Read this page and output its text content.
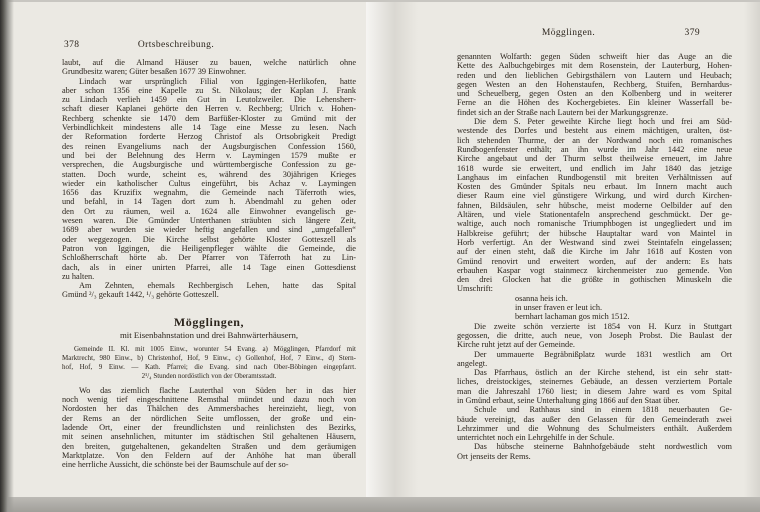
378	Ortsbeschreibung.
laubt, auf die Almand Häuser zu bauen, welche natürlich ohne
Grundbesitz waren; Güter besaßen 1677 39 Einwohner.
Lindach war ursprünglich Filial von Iggingen-Herlikofen, hatte
aber schon 1356 eine Kapelle zu St. Nikolaus; der Kaplan J. Frank
zu Lindach verlieh 1459 ein Gut in Leutolzweiler. Die Lehensherr-
schaft dieser Kaplanei gehörte den Herren v. Rechberg; Ulrich v. Hohen-
Rechberg schenkte sie 1470 dem Barfüßer-Kloster zu Gmünd mit der
Verbindlichkeit mindestens alle 14 Tage eine Messe zu lesen. Nach
der Reformation forderte Herzog Christof als Ortsobrigkeit Predigt
des reinen Evangeliums nach der Augsburgischen Confession 1560,
und bei der Belehnung des Herrn v. Laymingen 1579 mußte er
versprechen, die Augsburgische und württembergische Confession zu ge-
statten. Doch wurde, scheint es, während des 30jährigen Krieges
wieder ein katholischer Cultus eingeführt, bis Achaz v. Laymingen
1656 das Kruzifix wegnahm, die Gemeinde nach Täferroth wies,
und befahl, in 14 Tagen dort zum h. Abendmahl zu gehen oder
den Ort zu räumen, weil a. 1624 alle Einwohner evangelisch ge-
wesen waren. Die Gmünder Unterthanen sträubten sich längere Zeit,
1689 aber wurden sie wieder heftig angefallen und sind „umgefallen“
oder weggezogen. Die Kirche selbst gehörte Kloster Gotteszell als
Patron von Iggingen, die Heiligenpfleger wählte die Gemeinde, die
Schloßherrschaft hörte ab. Der Pfarrer von Täferroth hat zu Lin-
dach, als in einer unirten Pfarrei, alle 14 Tage einen Gottesdienst
zu halten.
Am Zehnten, ehemals Rechbergisch Lehen, hatte das Spital
Gmünd ²/₃ gekauft 1442, ¹/₃ gehörte Gotteszell.
Mögglingen,
mit Eisenbahnstation und drei Bahnwärterhäusern,
Gemeinde II. Kl. mit 1005 Einw., worunter 54 Evang. a) Mögglingen, Pfarrdorf mit
Marktrecht, 980 Einw., b) Christenhof, Hof, 9 Einw., c) Gollenhof, Hof, 7 Einw., d) Stern-
hof, Hof, 9 Einw. — Kath. Pfarrei; die Evang. sind nach Ober-Böbingen eingepfarrt.
2¹/₄ Stunden nordöstlich von der Oberamtsstadt.
Wo das ziemlich flache Lauterthal von Süden her in das hier
noch wenig tief eingeschnittene Remsthal mündet und dazu noch von
Nordosten her das Thälchen des Ammersbaches hereinzieht, liegt, von
der Rems an der nördlichen Seite umflossen, der große und ein-
ladende Ort, einer der freundlichsten und reinlichsten des Bezirks,
mit seinen ansehnlichen, mitunter im städtischen Stil gehaltenen Häusern,
den breiten, gutgehaltenen, gekandelten Straßen und dem geräumigen
Marktplatze. Von den Feldern auf der Anhöhe hat man überall
eine herrliche Aussicht, die schönste bei der Baumschule auf der so-
379
Mögglingen.
genannten Wolfarth: gegen Süden schweift hier das Auge an die
Kette des Aalbuchgebirges mit dem Rosenstein, der Lauterburg, Hohen-
reden und den lieblichen Gebirgsthälern von Lautern und Heubach;
gegen Westen an den Hohenstaufen, Rechberg, Stuifen, Bernhardus-
und Scheuelberg, gegen Osten an den Kolbenberg und in weiterer
Ferne an die Höhen des Kochergebietes. Ein kleiner Wasserfall be-
findet sich an der Straße nach Lautern bei der Markungsgrenze.
Die dem S. Peter geweihte Kirche liegt hoch und frei am Süd-
westende des Dorfes und besteht aus einem mächtigen, uralten, öst-
lich stehenden Thurme, der an der Nordwand noch ein romanisches
Rundbogenfenster enthält; an ihn wurde im Jahr 1442 eine neue
Kirche angebaut und der Thurm selbst theilweise erneuert, im Jahre
1618 wurde sie erweitert, und endlich im Jahr 1840 das jetzige
Langhaus im einfachen Rundbogenstil mit breiten Verhältnissen auf
Kosten des Gmünder Spitals neu erbaut. Im Innern macht auch
dieser Raum eine viel günstigere Wirkung, und wird durch Kirchen-
fahnen, Bildsäulen, sehr hübsche, meist moderne Oelbilder auf den
Altären, und viele Stationentafeln ansprechend geschmückt. Der ge-
waltige, auch noch romanische Triumphbogen ist ungegliedert und im
Halbkreise geführt; der hübsche Hauptaltar ward von Maintel in
Horb verfertigt. An der Westwand sind zwei Steintafeln eingelassen;
auf der einen steht, daß die Kirche im Jahr 1618 auf Kosten von
Gmünd renovirt und erweitert worden, auf der andern: Es hats
erbauhen Kaspar vogt stainmecz kirchenmeister zuo gemende. Von
den drei Glocken hat die größte in gothischen Minuskeln die
Umschrift:
osanna heis ich.
in unser fraven er leut ich.
bernhart lachaman gos mich 1512.
Die zweite schön verzierte ist 1854 von H. Kurz in Stuttgart
gegossen, die dritte, auch neue, von Joseph Probst. Die Baulast der
Kirche ruht jetzt auf der Gemeinde.
Der ummauerte Begräbnißplatz wurde 1831 westlich am Ort
angelegt.
Das Pfarrhaus, östlich an der Kirche stehend, ist ein sehr statt-
liches, dreistockiges, steinernes Gebäude, an dessen verziertem Portale
man die Jahreszahl 1760 liest; in diesem Jahre ward es vom Spital
in Gmünd erbaut, seine Unterhaltung ging 1866 auf den Staat über.
Schule und Rathhaus sind in einem 1818 neuerbauten Ge-
bäude vereinigt, das außer den Gelassen für den Gemeinderath zwei
Lehrzimmer und die Wohnung des Schulmeisters enthält. Außerdem
unterrichtet noch ein Lehrgehilfe in der Schule.
Das hübsche steinerne Bahnhofgebäude steht nordwestlich vom
Ort jenseits der Rems.
